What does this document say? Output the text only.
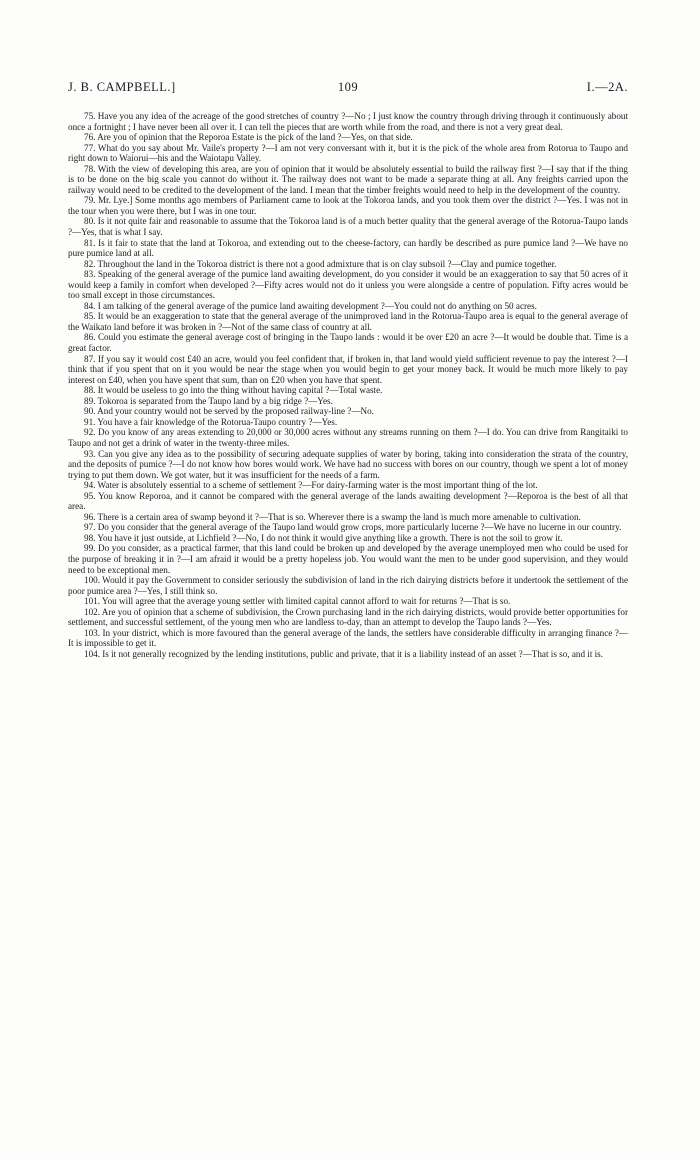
J. B. CAMPBELL.]	109	I.—2A.

75. Have you any idea of the acreage of the good stretches of country ?—No ; I just know the country through driving through it continuously about once a fortnight ; I have never been all over it. I can tell the pieces that are worth while from the road, and there is not a very great deal.

76. Are you of opinion that the Reporoa Estate is the pick of the land ?—Yes, on that side.

77. What do you say about Mr. Vaile's property ?—I am not very conversant with it, but it is the pick of the whole area from Rotorua to Taupo and right down to Waiorui—his and the Waiotapu Valley.

78. With the view of developing this area, are you of opinion that it would be absolutely essential to build the railway first ?—I say that if the thing is to be done on the big scale you cannot do without it. The railway does not want to be made a separate thing at all. Any freights carried upon the railway would need to be credited to the development of the land. I mean that the timber freights would need to help in the development of the country.

79. Mr. Lye.] Some months ago members of Parliament came to look at the Tokoroa lands, and you took them over the district ?—Yes. I was not in the tour when you were there, but I was in one tour.

80. Is it not quite fair and reasonable to assume that the Tokoroa land is of a much better quality that the general average of the Rotorua-Taupo lands ?—Yes, that is what I say.

81. Is it fair to state that the land at Tokoroa, and extending out to the cheese-factory, can hardly be described as pure pumice land ?—We have no pure pumice land at all.

82. Throughout the land in the Tokoroa district is there not a good admixture that is on clay subsoil ?—Clay and pumice together.

83. Speaking of the general average of the pumice land awaiting development, do you consider it would be an exaggeration to say that 50 acres of it would keep a family in comfort when developed ?—Fifty acres would not do it unless you were alongside a centre of population. Fifty acres would be too small except in those circumstances.

84. I am talking of the general average of the pumice land awaiting development ?—You could not do anything on 50 acres.

85. It would be an exaggeration to state that the general average of the unimproved land in the Rotorua-Taupo area is equal to the general average of the Waikato land before it was broken in ?—Not of the same class of country at all.

86. Could you estimate the general average cost of bringing in the Taupo lands : would it be over £20 an acre ?—It would be double that. Time is a great factor.

87. If you say it would cost £40 an acre, would you feel confident that, if broken in, that land would yield sufficient revenue to pay the interest ?—I think that if you spent that on it you would be near the stage when you would begin to get your money back. It would be much more likely to pay interest on £40, when you have spent that sum, than on £20 when you have that spent.

88. It would be useless to go into the thing without having capital ?—Total waste.

89. Tokoroa is separated from the Taupo land by a big ridge ?—Yes.

90. And your country would not be served by the proposed railway-line ?—No.

91. You have a fair knowledge of the Rotorua-Taupo country ?—Yes.

92. Do you know of any areas extending to 20,000 or 30,000 acres without any streams running on them ?—I do. You can drive from Rangitaiki to Taupo and not get a drink of water in the twenty-three miles.

93. Can you give any idea as to the possibility of securing adequate supplies of water by boring, taking into consideration the strata of the country, and the deposits of pumice ?—I do not know how bores would work. We have had no success with bores on our country, though we spent a lot of money trying to put them down. We got water, but it was insufficient for the needs of a farm.

94. Water is absolutely essential to a scheme of settlement ?—For dairy-farming water is the most important thing of the lot.

95. You know Reporoa, and it cannot be compared with the general average of the lands awaiting development ?—Reporoa is the best of all that area.

96. There is a certain area of swamp beyond it ?—That is so. Wherever there is a swamp the land is much more amenable to cultivation.

97. Do you consider that the general average of the Taupo land would grow crops, more particularly lucerne ?—We have no lucerne in our country.

98. You have it just outside, at Lichfield ?—No, I do not think it would give anything like a growth. There is not the soil to grow it.

99. Do you consider, as a practical farmer, that this land could be broken up and developed by the average unemployed men who could be used for the purpose of breaking it in ?—I am afraid it would be a pretty hopeless job. You would want the men to be under good supervision, and they would need to be exceptional men.

100. Would it pay the Government to consider seriously the subdivision of land in the rich dairying districts before it undertook the settlement of the poor pumice area ?—Yes, I still think so.

101. You will agree that the average young settler with limited capital cannot afford to wait for returns ?—That is so.

102. Are you of opinion that a scheme of subdivision, the Crown purchasing land in the rich dairying districts, would provide better opportunities for settlement, and successful settlement, of the young men who are landless to-day, than an attempt to develop the Taupo lands ?—Yes.

103. In your district, which is more favoured than the general average of the lands, the settlers have considerable difficulty in arranging finance ?—It is impossible to get it.

104. Is it not generally recognized by the lending institutions, public and private, that it is a liability instead of an asset ?—That is so, and it is.
